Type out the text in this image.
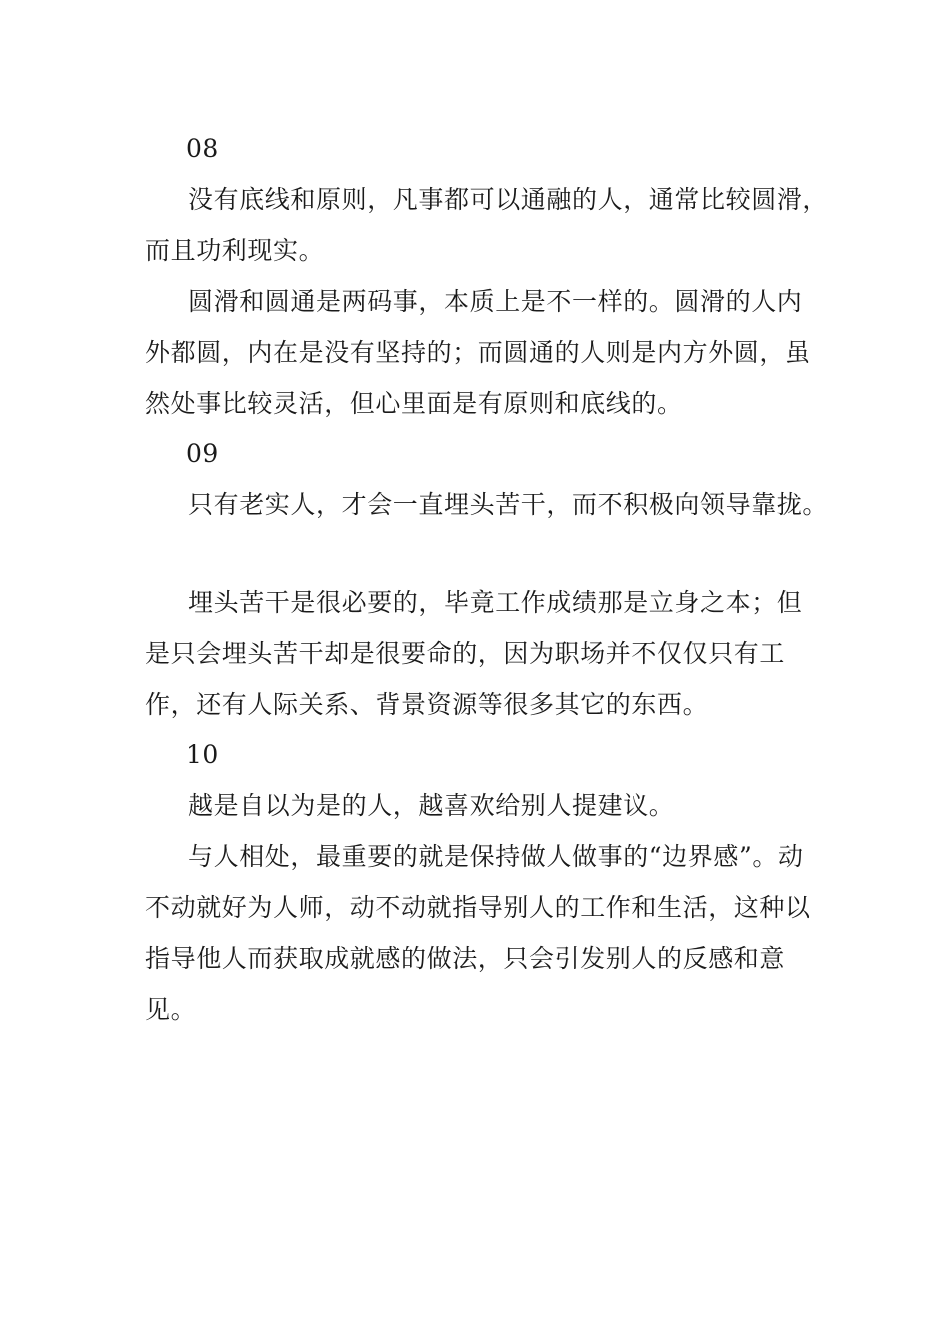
08

没有底线和原则，凡事都可以通融的人，通常比较圆滑，而且功利现实。

圆滑和圆通是两码事，本质上是不一样的。圆滑的人内外都圆，内在是没有坚持的；而圆通的人则是内方外圆，虽然处事比较灵活，但心里面是有原则和底线的。

09

只有老实人，才会一直埋头苦干，而不积极向领导靠拢。

埋头苦干是很必要的，毕竟工作成绩那是立身之本；但是只会埋头苦干却是很要命的，因为职场并不仅仅只有工作，还有人际关系、背景资源等很多其它的东西。

10

越是自以为是的人，越喜欢给别人提建议。

与人相处，最重要的就是保持做人做事的“边界感”。动不动就好为人师，动不动就指导别人的工作和生活，这种以指导他人而获取成就感的做法，只会引发别人的反感和意见。
